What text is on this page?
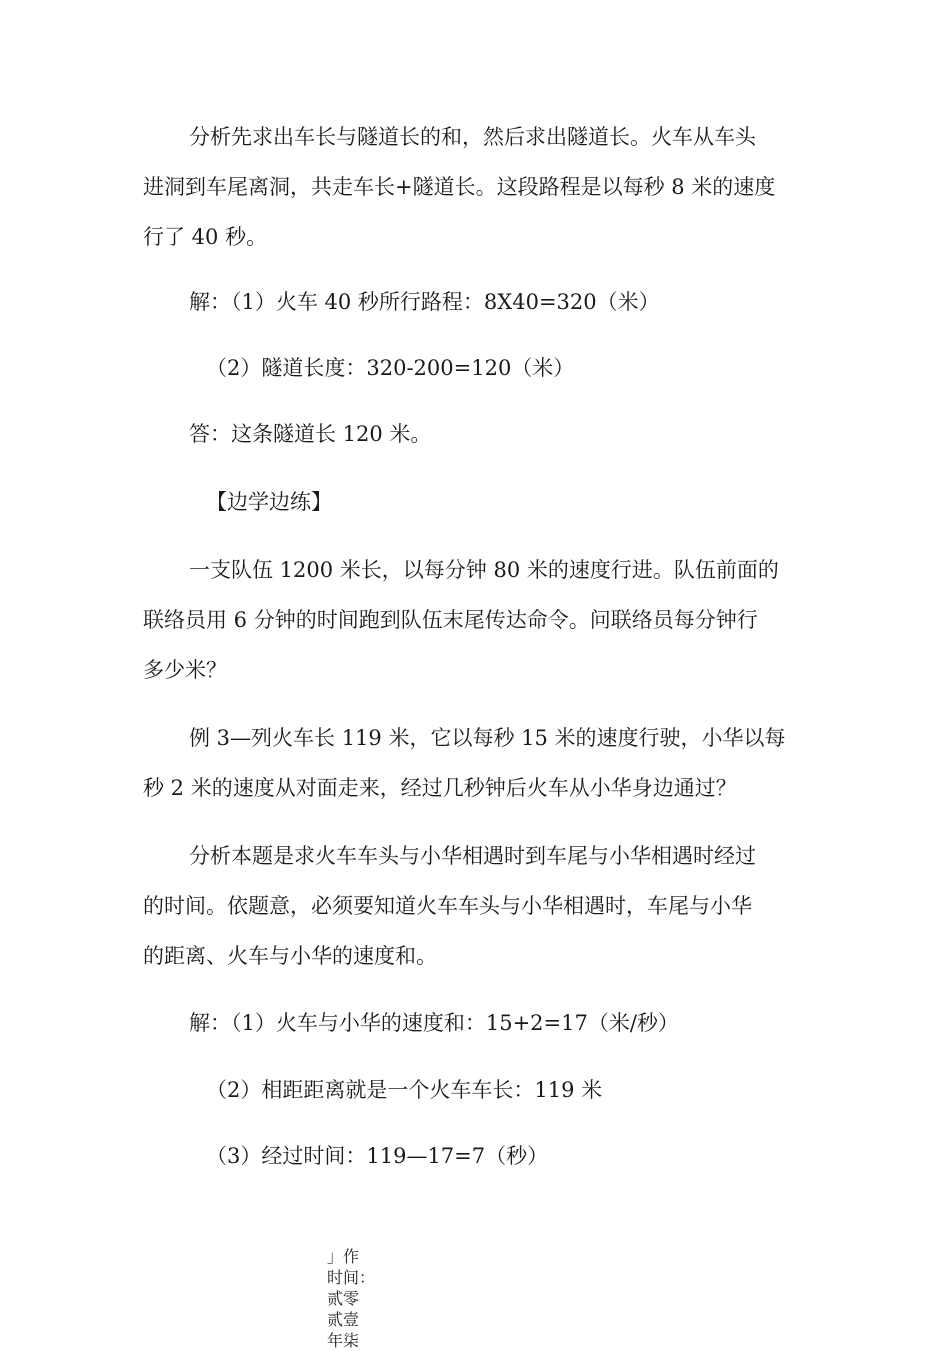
分析先求出车长与隧道长的和，然后求出隧道长。火车从车头
进洞到车尾离洞，共走车长+隧道长。这段路程是以每秒 8 米的速度
行了 40 秒。
解：（1）火车 40 秒所行路程：8X40=320（米）
（2）隧道长度：320-200=120（米）
答：这条隧道长 120 米。
【边学边练】
一支队伍 1200 米长，以每分钟 80 米的速度行进。队伍前面的
联络员用 6 分钟的时间跑到队伍末尾传达命令。问联络员每分钟行
多少米？
例 3—列火车长 119 米，它以每秒 15 米的速度行驶，小华以每
秒 2 米的速度从对面走来，经过几秒钟后火车从小华身边通过？
分析本题是求火车车头与小华相遇时到车尾与小华相遇时经过
的时间。依题意，必须要知道火车车头与小华相遇时，车尾与小华
的距离、火车与小华的速度和。
解：（1）火车与小华的速度和：15+2=17（米/秒）
（2）相距距离就是一个火车车长：119 米
（3）经过时间：119—17=7（秒）
」作
时间：
贰零
贰壹
年柒
